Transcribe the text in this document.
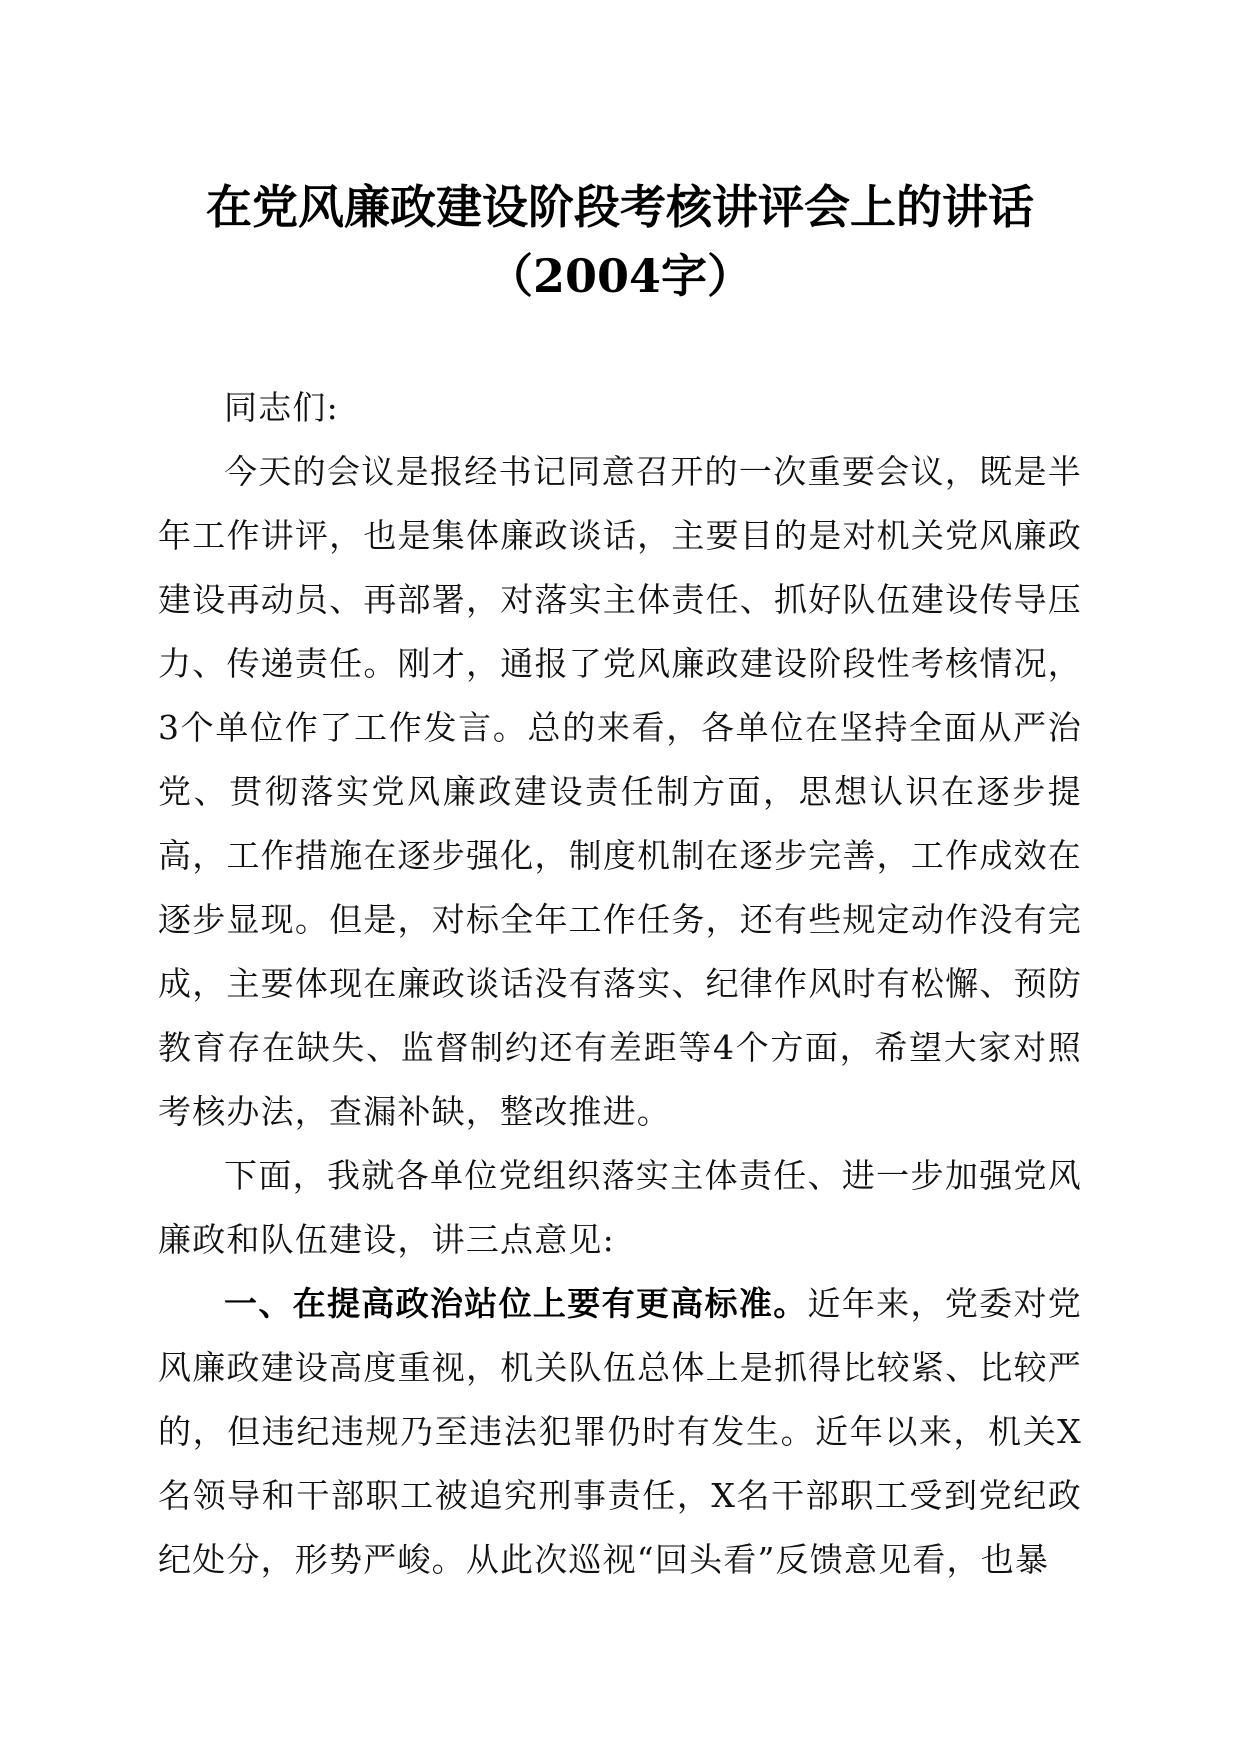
在党风廉政建设阶段考核讲评会上的讲话
（2004字）

同志们:

今天的会议是报经书记同意召开的一次重要会议，既是半年工作讲评，也是集体廉政谈话，主要目的是对机关党风廉政建设再动员、再部署，对落实主体责任、抓好队伍建设传导压力、传递责任。刚才，通报了党风廉政建设阶段性考核情况，3个单位作了工作发言。总的来看，各单位在坚持全面从严治党、贯彻落实党风廉政建设责任制方面，思想认识在逐步提高，工作措施在逐步强化，制度机制在逐步完善，工作成效在逐步显现。但是，对标全年工作任务，还有些规定动作没有完成，主要体现在廉政谈话没有落实、纪律作风时有松懈、预防教育存在缺失、监督制约还有差距等4个方面，希望大家对照考核办法，查漏补缺，整改推进。

下面，我就各单位党组织落实主体责任、进一步加强党风廉政和队伍建设，讲三点意见:

一、在提高政治站位上要有更高标准。近年来，党委对党风廉政建设高度重视，机关队伍总体上是抓得比较紧、比较严的，但违纪违规乃至违法犯罪仍时有发生。近年以来，机关X名领导和干部职工被追究刑事责任，X名干部职工受到党纪政纪处分，形势严峻。从此次巡视“回头看”反馈意见看，也暴
